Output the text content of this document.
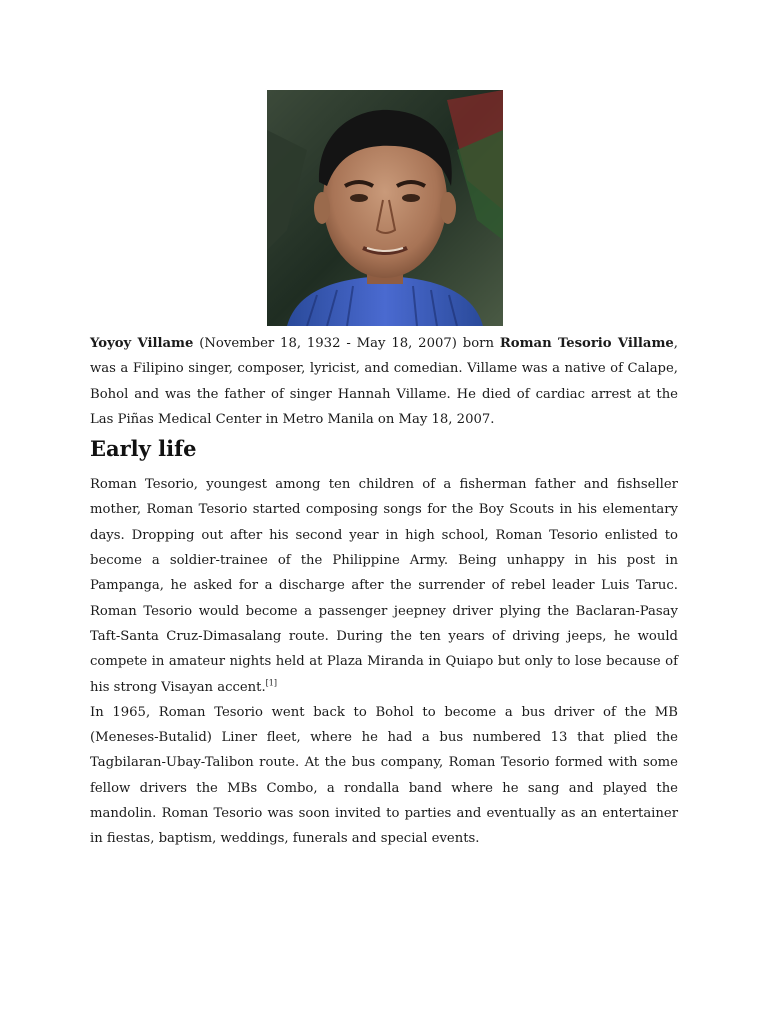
Yoyoy Villame (November 18, 1932 - May 18, 2007) born Roman Tesorio Villame, was a Filipino singer, composer, lyricist, and comedian. Villame was a native of Calape, Bohol and was the father of singer Hannah Villame. He died of cardiac arrest at the Las Piñas Medical Center in Metro Manila on May 18, 2007.

Early life

Roman Tesorio, youngest among ten children of a fisherman father and fishseller mother, Roman Tesorio started composing songs for the Boy Scouts in his elementary days. Dropping out after his second year in high school, Roman Tesorio enlisted to become a soldier-trainee of the Philippine Army. Being unhappy in his post in Pampanga, he asked for a discharge after the surrender of rebel leader Luis Taruc. Roman Tesorio would become a passenger jeepney driver plying the Baclaran-Pasay Taft-Santa Cruz-Dimasalang route. During the ten years of driving jeeps, he would compete in amateur nights held at Plaza Miranda in Quiapo but only to lose because of his strong Visayan accent.[1]

In 1965, Roman Tesorio went back to Bohol to become a bus driver of the MB (Meneses-Butalid) Liner fleet, where he had a bus numbered 13 that plied the Tagbilaran-Ubay-Talibon route. At the bus company, Roman Tesorio formed with some fellow drivers the MBs Combo, a rondalla band where he sang and played the mandolin. Roman Tesorio was soon invited to parties and eventually as an entertainer in fiestas, baptism, weddings, funerals and special events.
